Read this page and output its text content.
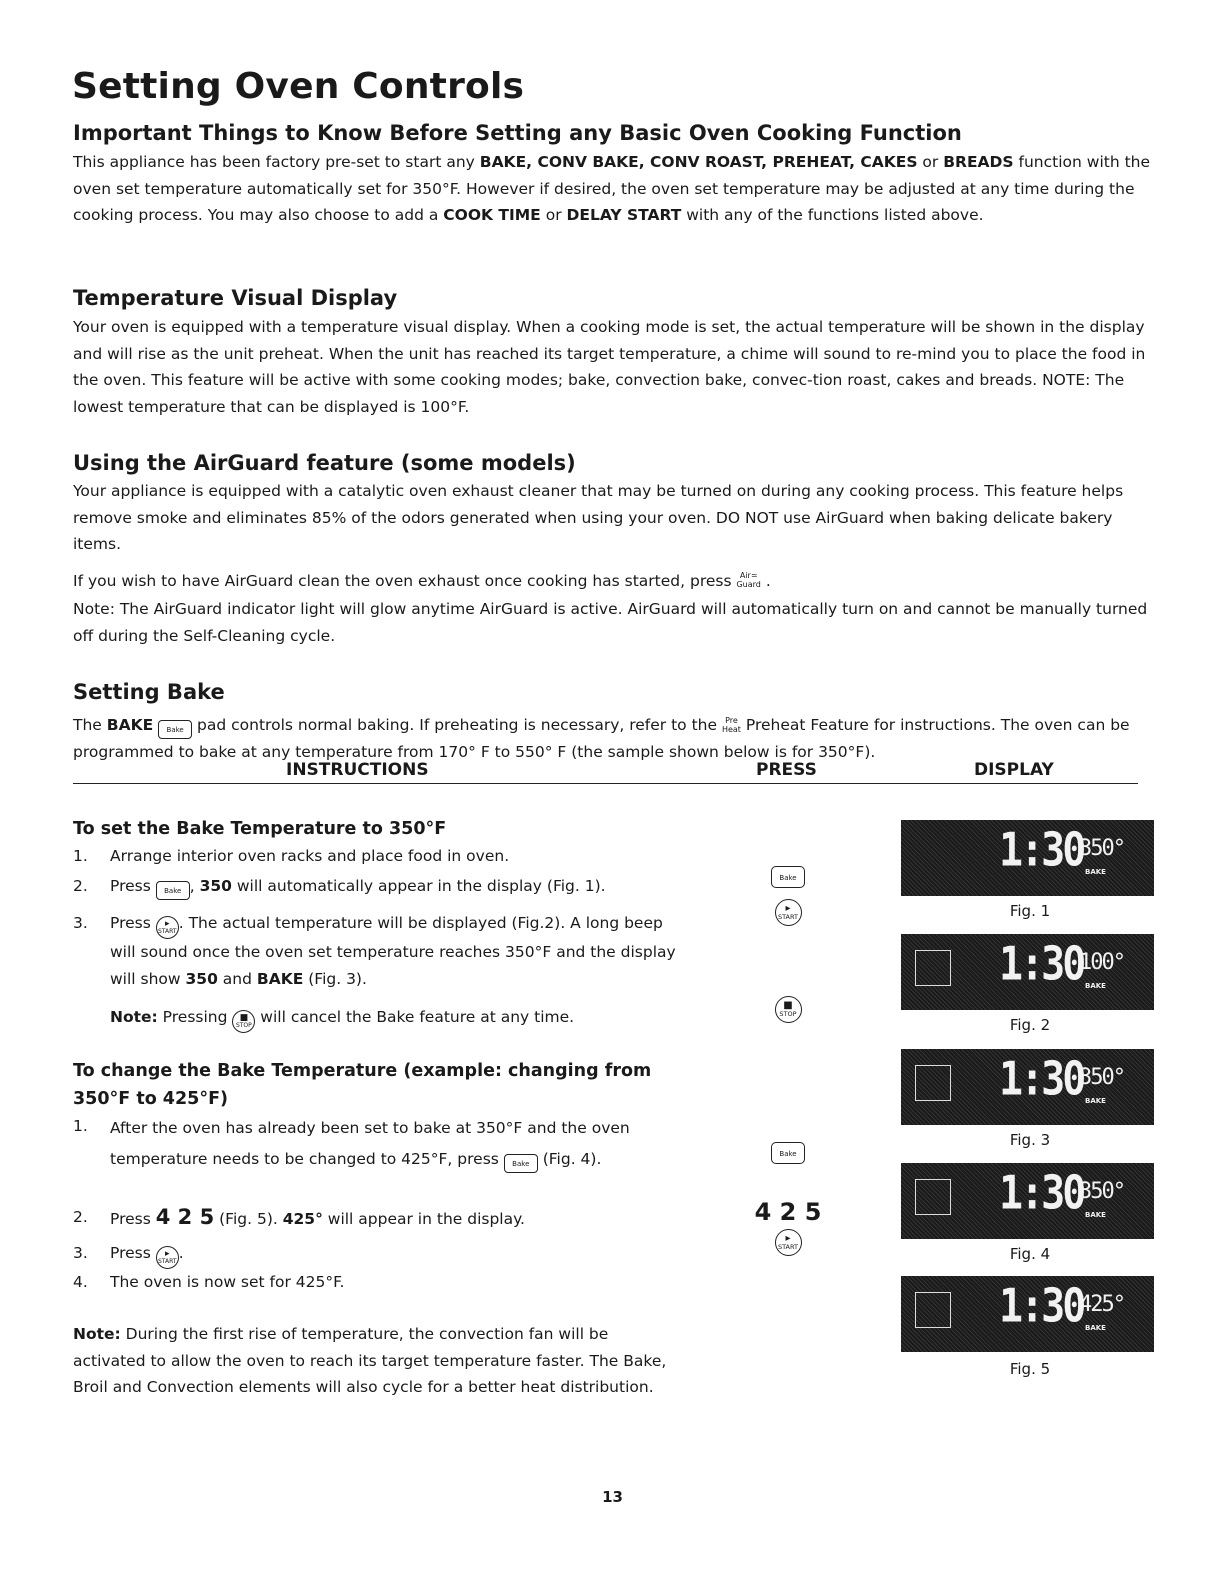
Setting Oven Controls
Important Things to Know Before Setting any Basic Oven Cooking Function

This appliance has been factory pre-set to start any BAKE, CONV BAKE, CONV ROAST, PREHEAT, CAKES or BREADS function with the oven set temperature automatically set for 350°F. However if desired, the oven set temperature may be adjusted at any time during the cooking process. You may also choose to add a COOK TIME or DELAY START with any of the functions listed above.

Temperature Visual Display

Your oven is equipped with a temperature visual display. When a cooking mode is set, the actual temperature will be shown in the display and will rise as the unit preheat. When the unit has reached its target temperature, a chime will sound to re-mind you to place the food in the oven. This feature will be active with some cooking modes; bake, convection bake, convec-tion roast, cakes and breads. NOTE: The lowest temperature that can be displayed is 100°F.

Using the AirGuard feature (some models)

Your appliance is equipped with a catalytic oven exhaust cleaner that may be turned on during any cooking process. This feature helps remove smoke and eliminates 85% of the odors generated when using your oven. DO NOT use AirGuard when baking delicate bakery items.

If you wish to have AirGuard clean the oven exhaust once cooking has started, press Air≃
Guard .

Note: The AirGuard indicator light will glow anytime AirGuard is active. AirGuard will automatically turn on and cannot be manually turned off during the Self-Cleaning cycle.

Setting Bake

The BAKE Bake pad controls normal baking. If preheating is necessary, refer to the Pre
Heat Preheat Feature for instructions. The oven can be programmed to bake at any temperature from 170° F to 550° F (the sample shown below is for 350°F).

INSTRUCTIONS	PRESS	DISPLAY
To set the Bake Temperature to 350°F
1. Arrange interior oven racks and place food in oven.
2. Press Bake , 350 will automatically appear in the display (Fig. 1).
3. Press	▸
START . The actual temperature will be displayed (Fig.2). A long beep will sound once the oven set temperature reaches 350°F and the display will show 350 and BAKE (Fig. 3).
Note: Pressing ■
STOP will cancel the Bake feature at any time.
To change the Bake Temperature (example: changing from
350°F to 425°F)
1. After the oven has already been set to bake at 350°F and the oven temperature needs to be changed to 425°F, press Bake (Fig. 4).
2. Press 4 2 5 (Fig. 5). 425° will appear in the display.
3. Press	▸
START .
4. The oven is now set for 425°F.

Note: During the first rise of temperature, the convection fan will be activated to allow the oven to reach its target temperature faster. The Bake, Broil and Convection elements will also cycle for a better heat distribution.

Bake
▸
START
■
STOP
Bake
4 2 5
▸
START
1:30
350°
BAKE
Fig. 1
1:30
100°
BAKE
Fig. 2
1:30
350°
BAKE
Fig. 3
1:30
350°
BAKE
Fig. 4
1:30
425°
BAKE
Fig. 5
13
